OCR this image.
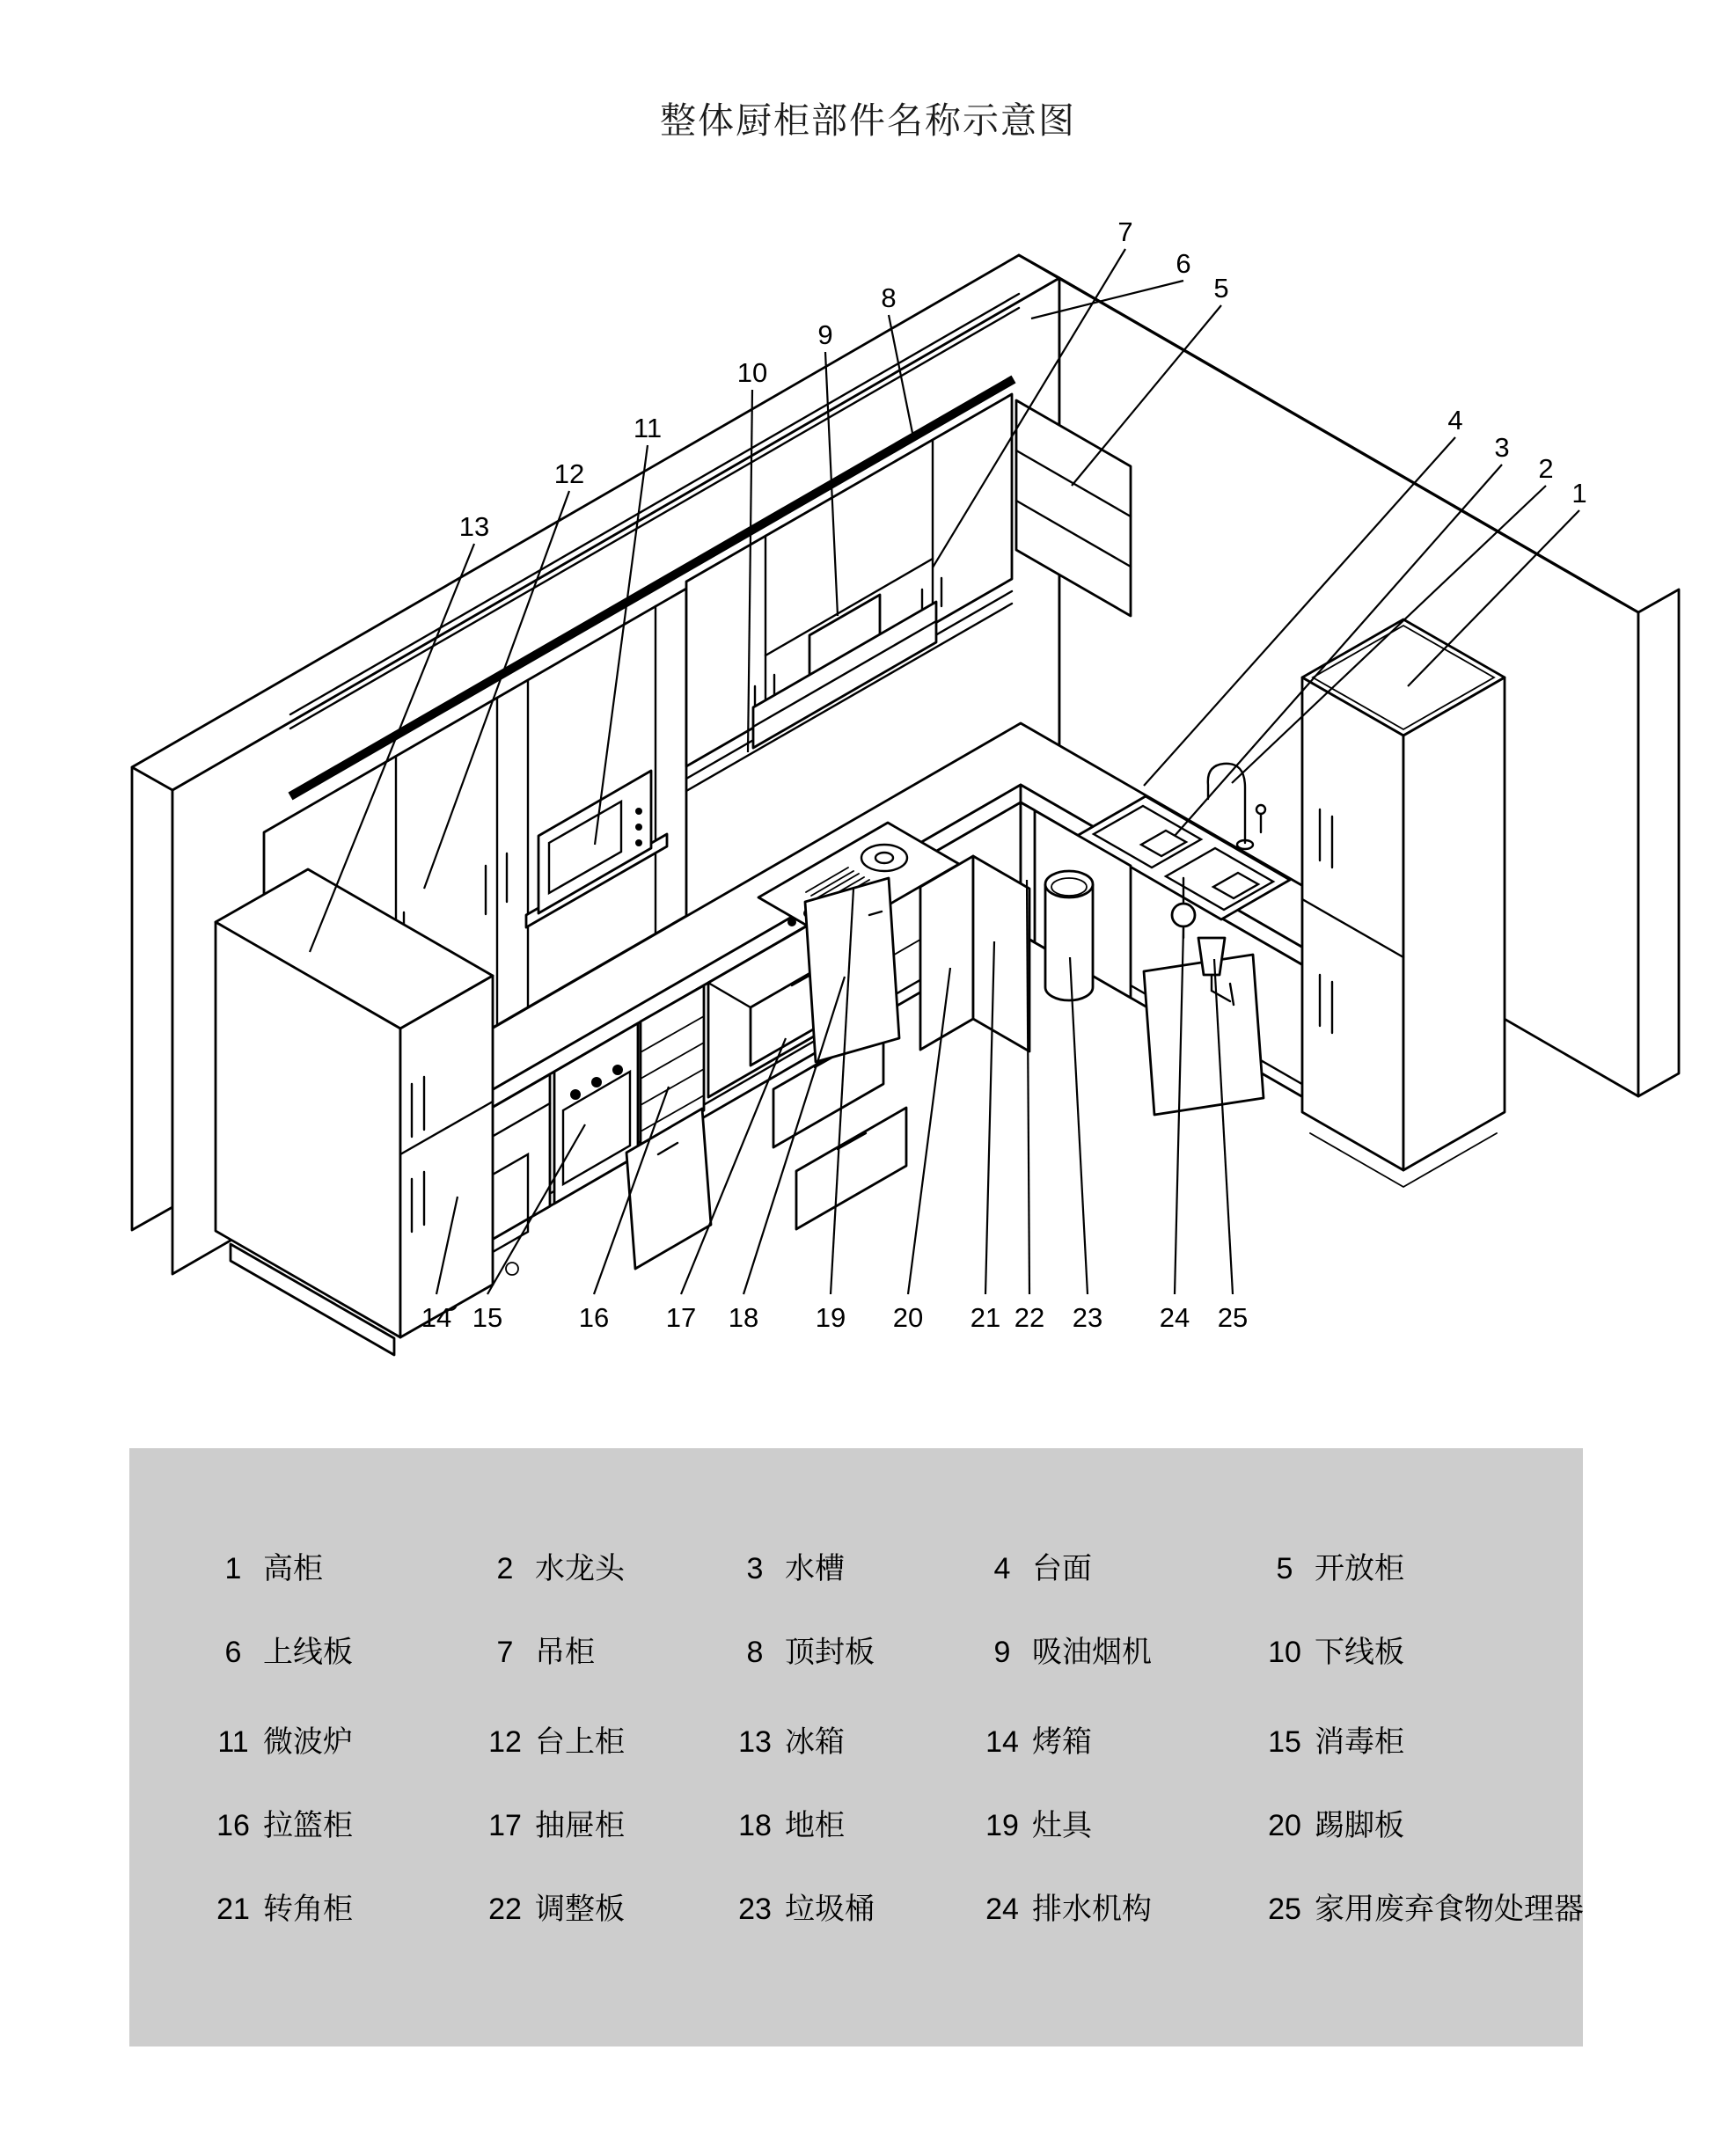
整体厨柜部件名称示意图
1
2
3
4
5
6
7
8
9
10
11
12
13
14 15	16 17 18 19 20 21 22 23 24 25
1 高柜	2 水龙头	3 水槽	4 台面	5 开放柜
6 上线板	7 吊柜	8 顶封板	9 吸油烟机	10 下线板
11 微波炉	12 台上柜	13 冰箱	14 烤箱	15 消毒柜
16 拉篮柜	17 抽屉柜	18 地柜	19 灶具	20 踢脚板
21 转角柜	22 调整板	23 垃圾桶	24 排水机构	25 家用废弃食物处理器
